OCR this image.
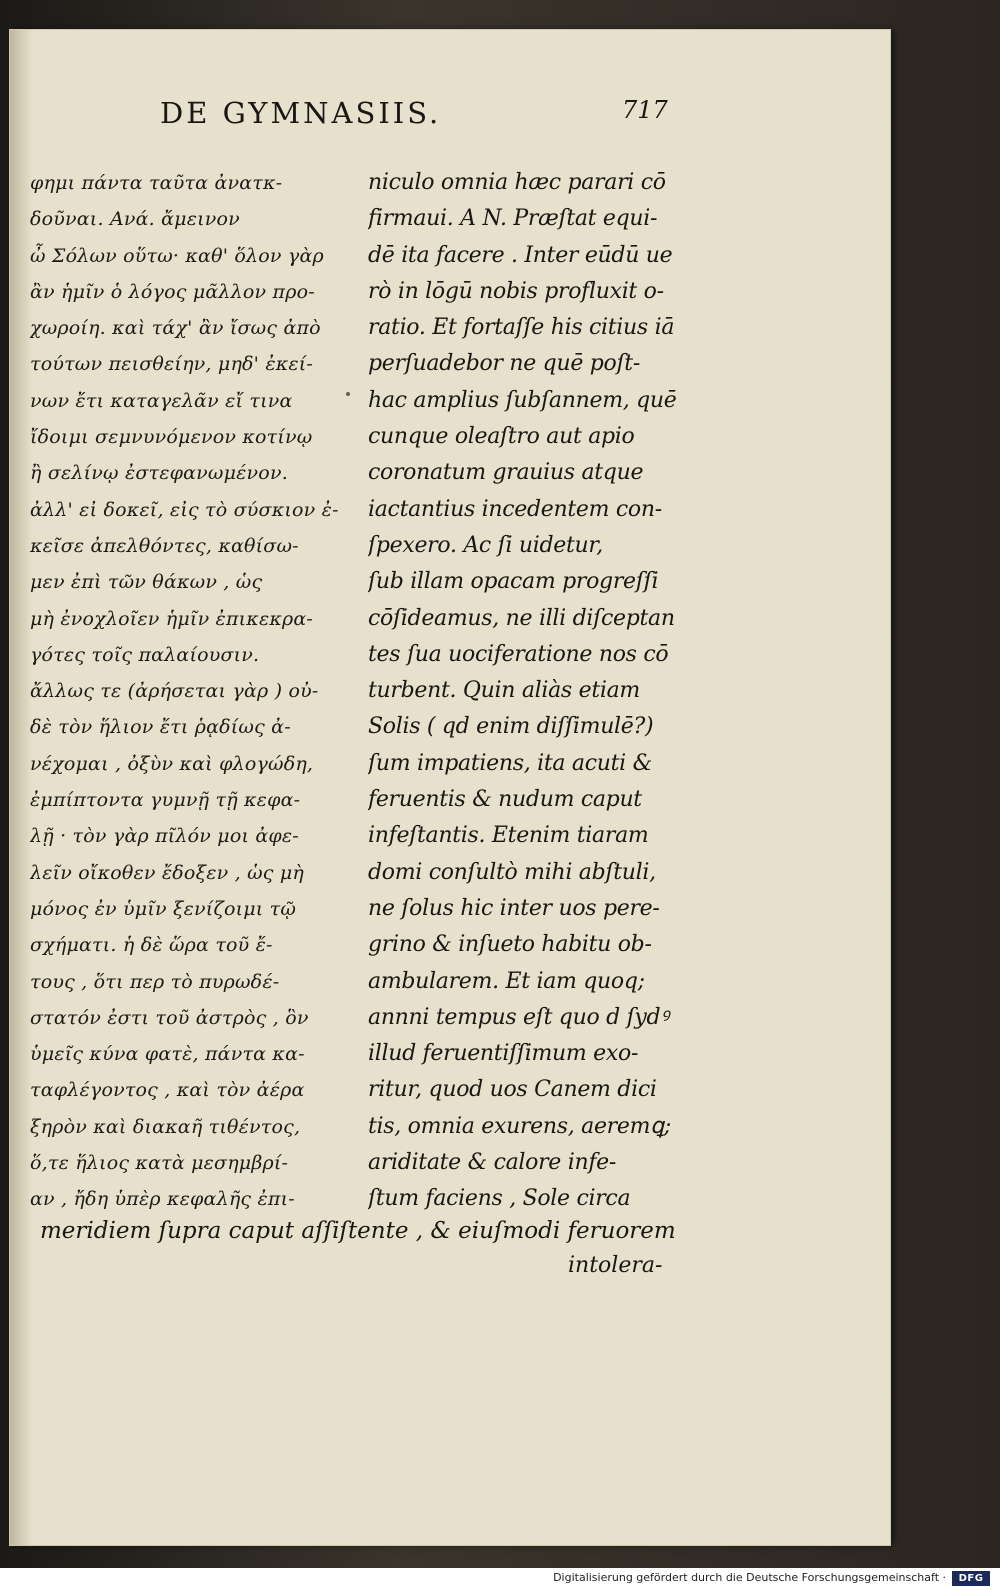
DE GYMNASIIS.	717
φημι πάντα ταῦτα ἀνατκ-
δοῦναι. Ανά. ἄμεινον
ὦ Σόλων οὕτω· καθ' ὅλον γὰρ
ἂν ἡμῖν ὁ λόγος μᾶλλον προ-
χωροίη. καὶ τάχ' ἂν ἴσως ἀπὸ
τούτων πεισθείην, μηδ' ἐκεί-
νων ἔτι καταγελᾶν εἴ τινα
ἴδοιμι σεμνυνόμενον κοτίνῳ
ἢ σελίνῳ ἐστεφανωμένον.
ἀλλ' εἰ δοκεῖ, εἰς τὸ σύσκιον ἐ-
κεῖσε ἀπελθόντες, καθίσω-
μεν ἐπὶ τῶν θάκων , ὡς
μὴ ἐνοχλοῖεν ἡμῖν ἐπικεκρα-
γότες τοῖς παλαίουσιν.
ἄλλως τε (ἀρήσεται γὰρ ) οὐ-
δὲ τὸν ἥλιον ἔτι ῥᾳδίως ἀ-
νέχομαι , ὀξὺν καὶ φλογώδη,
ἐμπίπτοντα γυμνῇ τῇ κεφα-
λῇ · τὸν γὰρ πῖλόν μοι ἀφε-
λεῖν οἴκοθεν ἔδοξεν , ὡς μὴ
μόνος ἐν ὑμῖν ξενίζοιμι τῷ
σχήματι. ἡ δὲ ὥρα τοῦ ἔ-
τους , ὅτι περ τὸ πυρωδέ-
στατόν ἐστι τοῦ ἀστρὸς , ὃν
ὑμεῖς κύνα φατὲ, πάντα κα-
ταφλέγοντος , καὶ τὸν ἀέρα
ξηρὸν καὶ διακαῆ τιθέντος,
ὅ,τε ἥλιος κατὰ μεσημβρί-
αν , ἤδη ὑπὲρ κεφαλῆς ἐπι-
niculo omnia hæc parari cō
firmaui. A N. Præſtat equi-
dē ita facere . Inter eūdū ue
rò in lōgū nobis profluxit o-
ratio. Et fortaſſe his citius iā
perſuadebor ne quē poſt-
hac amplius ſubſannem, quē
cunque oleaſtro aut apio
coronatum grauius atque
iactantius incedentem con-
ſpexero. Ac ſi uidetur,
ſub illam opacam progreſſi
cōſideamus, ne illi diſceptan
tes ſua uociferatione nos cō
turbent. Quin aliàs etiam
Solis ( qd enim diſſimulē?)
ſum impatiens, ita acuti &
feruentis & nudum caput
infeſtantis. Etenim tiaram
domi conſultò mihi abſtuli,
ne ſolus hic inter uos pere-
grino & inſueto habitu ob-
ambularem. Et iam quoq;
annni tempus eſt quo d ſydꝰ
illud feruentiſſimum exo-
ritur, quod uos Canem dici
tis, omnia exurens, aeremꝗ;
ariditate & calore infe-
ſtum faciens , Sole circa
meridiem ſupra caput aſſiſtente , & eiuſmodi feruorem
intolera-
Digitalisierung gefördert durch die Deutsche Forschungsgemeinschaft ·	DFG
